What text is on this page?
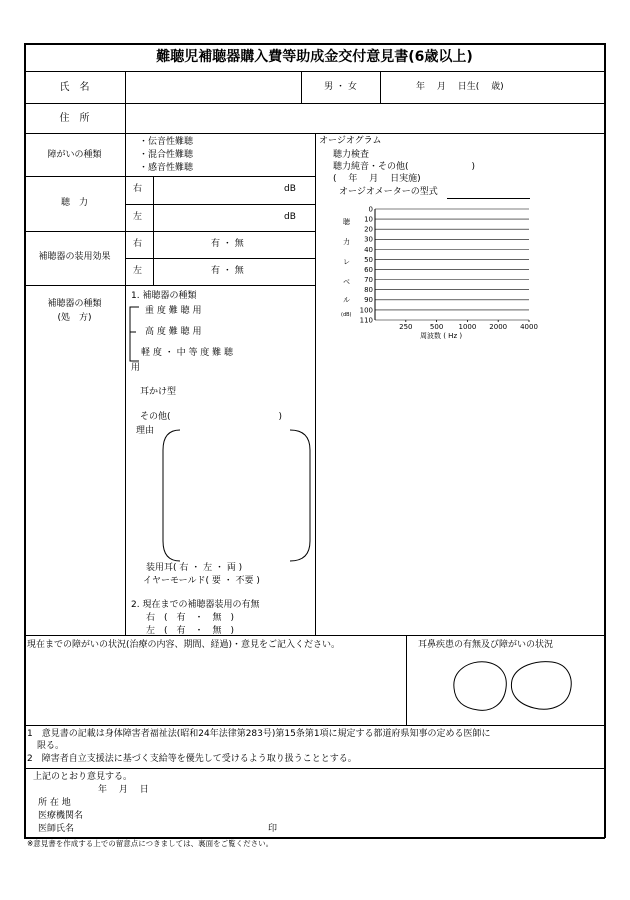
難聴児補聴器購入費等助成金交付意見書(6歳以上)
氏　名	男 ・ 女	年　 月　 日生(　 歳)
住　所
障がいの種類
・伝音性難聴
・混合性難聴
・感音性難聴
聴　力
右	dB
左	dB
補聴器の装用効果
右	有 ・ 無
左	有 ・ 無
補聴器の種類
(処　方)
1. 補聴器の種類
重 度 難 聴 用
高 度 難 聴 用
軽 度 ・ 中 等 度 難 聴
用
耳かけ型
その他(　　　　　　　　　　　　)
理由
装用耳( 右 ・ 左 ・ 両 )
イヤーモールド( 要 ・ 不要 )
2. 現在までの補聴器装用の有無
右　(　有　・　無　)
左　(　有　・　無　)
オージオグラム
聴力検査
聴力純音・その他(　　　　　　　)
(　 年　 月　 日実施)
オージオメーターの型式
聴
力
レ
ベ
ル
(dB)
0
10
20
30
40
50
60
70
80
90
100
110
250 500 1000 2000 4000
周波数 ( Hz )
現在までの障がいの状況(治療の内容、期間、経過)・意見をご記入ください。	耳鼻疾患の有無及び障がいの状況
1　意見書の記載は身体障害者福祉法(昭和24年法律第283号)第15条第1項に規定する都道府県知事の定める医師に
限る。
2　障害者自立支援法に基づく支給等を優先して受けるよう取り扱うこととする。
上記のとおり意見する。
年　 月　 日
所 在 地
医療機関名
医師氏名	印
※意見書を作成する上での留意点につきましては、裏面をご覧ください。
